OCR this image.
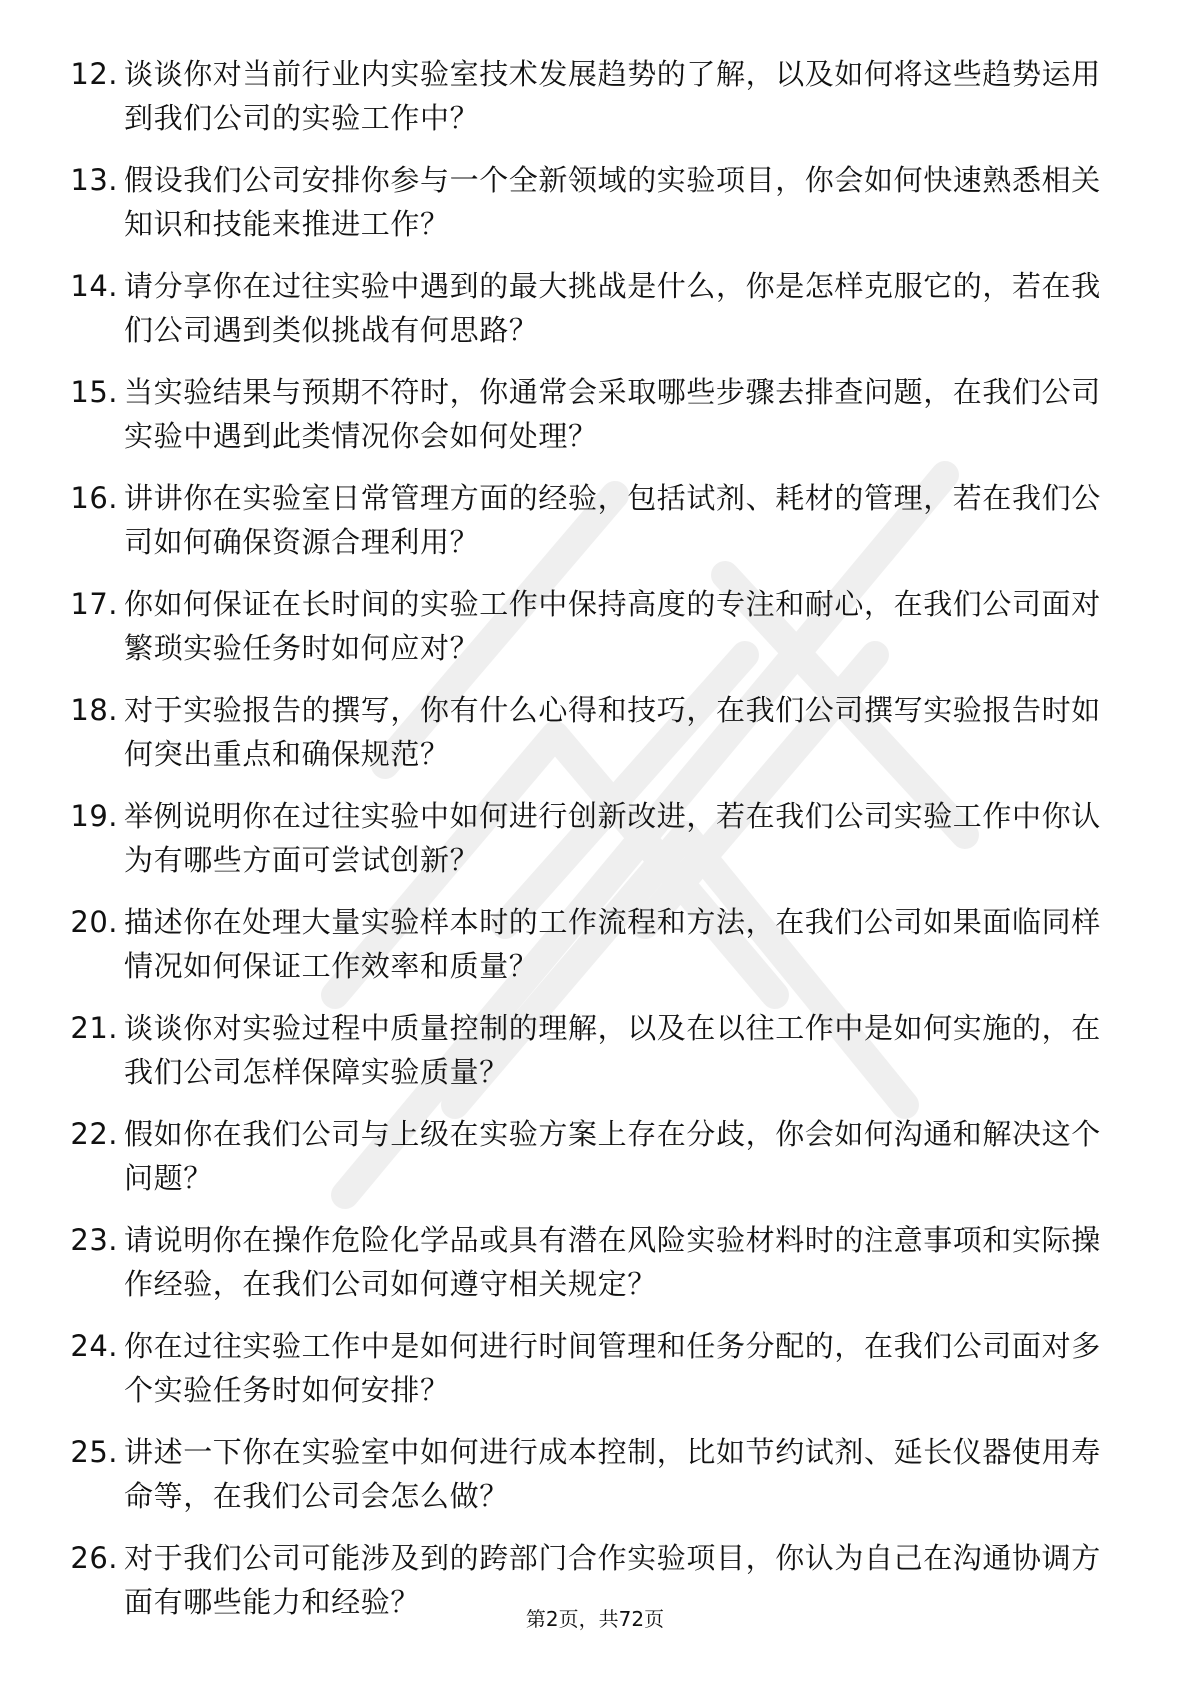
12. 谈谈你对当前行业内实验室技术发展趋势的了解，以及如何将这些趋势运用到我们公司的实验工作中？
13. 假设我们公司安排你参与一个全新领域的实验项目，你会如何快速熟悉相关知识和技能来推进工作？
14. 请分享你在过往实验中遇到的最大挑战是什么，你是怎样克服它的，若在我们公司遇到类似挑战有何思路？
15. 当实验结果与预期不符时，你通常会采取哪些步骤去排查问题，在我们公司实验中遇到此类情况你会如何处理？
16. 讲讲你在实验室日常管理方面的经验，包括试剂、耗材的管理，若在我们公司如何确保资源合理利用？
17. 你如何保证在长时间的实验工作中保持高度的专注和耐心，在我们公司面对繁琐实验任务时如何应对？
18. 对于实验报告的撰写，你有什么心得和技巧，在我们公司撰写实验报告时如何突出重点和确保规范？
19. 举例说明你在过往实验中如何进行创新改进，若在我们公司实验工作中你认为有哪些方面可尝试创新？
20. 描述你在处理大量实验样本时的工作流程和方法，在我们公司如果面临同样情况如何保证工作效率和质量？
21. 谈谈你对实验过程中质量控制的理解，以及在以往工作中是如何实施的，在我们公司怎样保障实验质量？
22. 假如你在我们公司与上级在实验方案上存在分歧，你会如何沟通和解决这个问题？
23. 请说明你在操作危险化学品或具有潜在风险实验材料时的注意事项和实际操作经验，在我们公司如何遵守相关规定？
24. 你在过往实验工作中是如何进行时间管理和任务分配的，在我们公司面对多个实验任务时如何安排？
25. 讲述一下你在实验室中如何进行成本控制，比如节约试剂、延长仪器使用寿命等，在我们公司会怎么做？
26. 对于我们公司可能涉及到的跨部门合作实验项目，你认为自己在沟通协调方面有哪些能力和经验？	第2页，共72页
